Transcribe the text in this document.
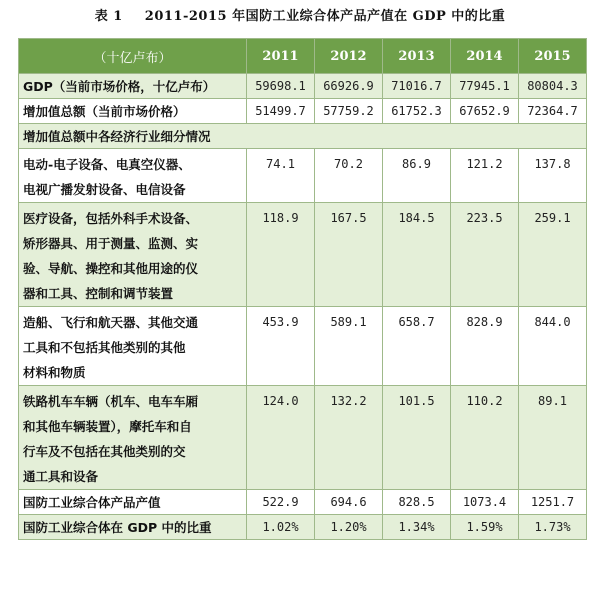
表 1 2011-2015 年国防工业综合体产品产值在 GDP 中的比重
（十亿卢布）	2011	2012	2013	2014	2015

GDP（当前市场价格，十亿卢布）	59698.1	66926.9	71016.7	77945.1	80804.3

增加值总额（当前市场价格）	51499.7	57759.2	61752.3	67652.9	72364.7
增加值总额中各经济行业细分情况					

电动-电子设备、电真空仪器、
电视广播发射设备、电信设备	74.1	70.2	86.9	121.2	137.8

医疗设备，包括外科手术设备、
矫形器具、用于测量、监测、实
验、导航、操控和其他用途的仪
器和工具、控制和调节装置	118.9	167.5	184.5	223.5	259.1

造船、飞行和航天器、其他交通
工具和不包括其他类别的其他
材料和物质	453.9	589.1	658.7	828.9	844.0

铁路机车车辆（机车、电车车厢
和其他车辆装置），摩托车和自
行车及不包括在其他类别的交
通工具和设备	124.0	132.2	101.5	110.2	89.1

国防工业综合体产品产值	522.9	694.6	828.5	1073.4	1251.7

国防工业综合体在 GDP 中的比重	1.02%	1.20%	1.34%	1.59%	1.73%
